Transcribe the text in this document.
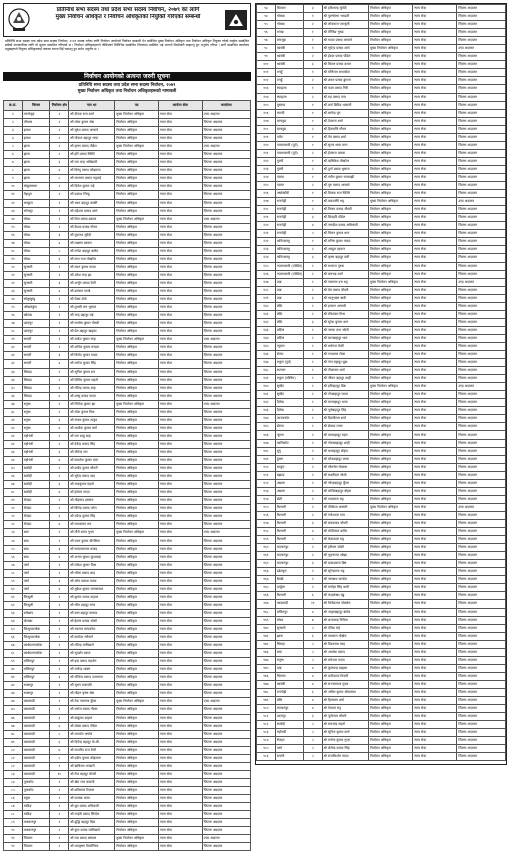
प्रतिनिधि सभा सदस्य तथा प्रदेश सभा सदस्य निर्वाचन, २०७९ का लागि
मुख्य निर्वाचन अधिकृत र निर्वाचन अधिकृतको नियुक्ति गरिएको सम्बन्धी
प्रतिनिधि सभा सदस्य तथा प्रदेश सभा सदस्य निर्वाचन, २०७९ सम्पन्न गर्नका लागि निर्वाचन आयोगले निर्वाचन सम्बन्धी ऐन बमोजिम मुख्य निर्वाचन अधिकृत तथा निर्वाचन अधिकृत नियुक्त गरेको व्यहोरा सम्बन्धित सबैको जानकारीका लागि यो सूचना प्रकाशित गरिएको छ । निर्वाचन अधिकृतहरूले तोकिएको मितिभित्र सम्बन्धित जिल्लामा उपस्थित भई आफ्नो जिम्मेवारी सम्हाल्नु हुन अनुरोध गरिन्छ । साथै सम्बन्धित कार्यालय प्रमुखहरूले नियुक्त अधिकृतलाई तत्काल रमाना दिई पठाउनु हुन समेत अनुरोध छ ।
निर्वाचन आयोगको अत्यन्त जरुरी सूचना
प्रतिनिधि सभा सदस्य तथा प्रदेश सभा सदस्य निर्वाचन, २०७९
मुख्य निर्वाचन अधिकृत तथा निर्वाचन अधिकृतहरूको नामावली
क्र.सं.	जिल्ला	निर्वाचन क्षेत्र	नाम थर	पद	कार्यरत सेवा	कार्यालय
१	ताप्लेजुङ	१	श्री दीपक राज शर्मा	मुख्य निर्वाचन अधिकृत	न्याय सेवा	उच्च अदालत
२	पाँचथर	१	श्री रमेश कुमार श्रेष्ठ	निर्वाचन अधिकृत	न्याय सेवा	जिल्ला अदालत
३	इलाम	१	श्री सुरेश प्रसाद आचार्य	निर्वाचन अधिकृत	न्याय सेवा	जिल्ला अदालत
४	इलाम	२	श्री गोपाल बहादुर थापा	निर्वाचन अधिकृत	न्याय सेवा	जिल्ला अदालत
५	झापा	१	श्री कृष्ण प्रसाद पौडेल	मुख्य निर्वाचन अधिकृत	न्याय सेवा	उच्च अदालत
६	झापा	२	श्री हरि प्रसाद घिमिरे	निर्वाचन अधिकृत	न्याय सेवा	जिल्ला अदालत
७	झापा	३	श्री राम चन्द्र अधिकारी	निर्वाचन अधिकृत	न्याय सेवा	जिल्ला अदालत
८	झापा	४	श्री विष्णु प्रसाद कोइराला	निर्वाचन अधिकृत	न्याय सेवा	जिल्ला अदालत
९	झापा	५	श्री नारायण प्रसाद भट्टराई	निर्वाचन अधिकृत	न्याय सेवा	जिल्ला अदालत
१०	संखुवासभा	१	श्री दिनेश कुमार राई	निर्वाचन अधिकृत	न्याय सेवा	जिल्ला अदालत
११	तेह्रथुम	१	श्री प्रकाश लिम्बू	निर्वाचन अधिकृत	न्याय सेवा	जिल्ला अदालत
१२	धनकुटा	१	श्री भरत बहादुर कार्की	निर्वाचन अधिकृत	न्याय सेवा	जिल्ला अदालत
१३	भोजपुर	१	श्री महेश्वर प्रसाद शर्मा	निर्वाचन अधिकृत	न्याय सेवा	जिल्ला अदालत
१४	मोरङ	१	श्री शिव प्रसाद ढकाल	मुख्य निर्वाचन अधिकृत	न्याय सेवा	उच्च अदालत
१५	मोरङ	२	श्री केशव प्रसाद गौतम	निर्वाचन अधिकृत	न्याय सेवा	जिल्ला अदालत
१६	मोरङ	३	श्री युवराज सुवेदी	निर्वाचन अधिकृत	न्याय सेवा	जिल्ला अदालत
१७	मोरङ	४	श्री लक्ष्मण खनाल	निर्वाचन अधिकृत	न्याय सेवा	जिल्ला अदालत
१८	मोरङ	५	श्री गणेश बहादुर बस्नेत	निर्वाचन अधिकृत	न्याय सेवा	जिल्ला अदालत
१९	मोरङ	६	श्री तारा नाथ पोखरेल	निर्वाचन अधिकृत	न्याय सेवा	जिल्ला अदालत
२०	सुनसरी	१	श्री मदन कुमार यादव	निर्वाचन अधिकृत	न्याय सेवा	जिल्ला अदालत
२१	सुनसरी	२	श्री उमेश चन्द्र झा	निर्वाचन अधिकृत	न्याय सेवा	जिल्ला अदालत
२२	सुनसरी	३	श्री अर्जुन प्रसाद रेग्मी	निर्वाचन अधिकृत	न्याय सेवा	जिल्ला अदालत
२३	सुनसरी	४	श्री बलराम पाण्डे	निर्वाचन अधिकृत	न्याय सेवा	जिल्ला अदालत
२४	सोलुखुम्बु	१	श्री पेम्बा शेर्पा	निर्वाचन अधिकृत	न्याय सेवा	जिल्ला अदालत
२५	ओखलढुंगा	१	श्री तुलसी राम भुसाल	निर्वाचन अधिकृत	न्याय सेवा	जिल्ला अदालत
२६	खोटाङ	१	श्री चन्द्र बहादुर राई	निर्वाचन अधिकृत	न्याय सेवा	जिल्ला अदालत
२७	उदयपुर	१	श्री सन्तोष कुमार चौधरी	निर्वाचन अधिकृत	न्याय सेवा	जिल्ला अदालत
२८	उदयपुर	२	श्री प्रेम बहादुर खड्का	निर्वाचन अधिकृत	न्याय सेवा	जिल्ला अदालत
२९	सप्तरी	१	श्री राजेश कुमार साह	मुख्य निर्वाचन अधिकृत	न्याय सेवा	उच्च अदालत
३०	सप्तरी	२	श्री अनिल कुमार मण्डल	निर्वाचन अधिकृत	न्याय सेवा	जिल्ला अदालत
३१	सप्तरी	३	श्री विनोद कुमार यादव	निर्वाचन अधिकृत	न्याय सेवा	जिल्ला अदालत
३२	सप्तरी	४	श्री मनोज कुमार सिंह	निर्वाचन अधिकृत	न्याय सेवा	जिल्ला अदालत
३३	सिराहा	१	श्री सुनिल कुमार राय	निर्वाचन अधिकृत	न्याय सेवा	जिल्ला अदालत
३४	सिराहा	२	श्री दिलिप कुमार महतो	निर्वाचन अधिकृत	न्याय सेवा	जिल्ला अदालत
३५	सिराहा	३	श्री रविन्द्र प्रसाद शाह	निर्वाचन अधिकृत	न्याय सेवा	जिल्ला अदालत
३६	सिराहा	४	श्री शम्भु प्रसाद यादव	निर्वाचन अधिकृत	न्याय सेवा	जिल्ला अदालत
३७	धनुषा	१	श्री जितेन्द्र कुमार झा	मुख्य निर्वाचन अधिकृत	न्याय सेवा	उच्च अदालत
३८	धनुषा	२	श्री नरेश कुमार मिश्र	निर्वाचन अधिकृत	न्याय सेवा	जिल्ला अदालत
३९	धनुषा	३	श्री संजय कुमार ठाकुर	निर्वाचन अधिकृत	न्याय सेवा	जिल्ला अदालत
४०	धनुषा	४	श्री अशोक कुमार कर्ण	निर्वाचन अधिकृत	न्याय सेवा	जिल्ला अदालत
४१	महोत्तरी	१	श्री राम बाबु साह	निर्वाचन अधिकृत	न्याय सेवा	जिल्ला अदालत
४२	महोत्तरी	२	श्री देवेन्द्र प्रसाद सिंह	निर्वाचन अधिकृत	न्याय सेवा	जिल्ला अदालत
४३	महोत्तरी	३	श्री योगेन्द्र राय	निर्वाचन अधिकृत	न्याय सेवा	जिल्ला अदालत
४४	महोत्तरी	४	श्री कमलेश कुमार दास	निर्वाचन अधिकृत	न्याय सेवा	जिल्ला अदालत
४५	सर्लाही	१	श्री प्रमोद कुमार चौधरी	निर्वाचन अधिकृत	न्याय सेवा	जिल्ला अदालत
४६	सर्लाही	२	श्री सुरेन्द्र प्रसाद शाह	निर्वाचन अधिकृत	न्याय सेवा	जिल्ला अदालत
४७	सर्लाही	३	श्री राजकुमार महतो	निर्वाचन अधिकृत	न्याय सेवा	जिल्ला अदालत
४८	सर्लाही	४	श्री हरेराम यादव	निर्वाचन अधिकृत	न्याय सेवा	जिल्ला अदालत
४९	रौतहट	१	श्री मोहम्मद इस्लाम	निर्वाचन अधिकृत	न्याय सेवा	जिल्ला अदालत
५०	रौतहट	२	श्री बिरेन्द्र प्रसाद पटेल	निर्वाचन अधिकृत	न्याय सेवा	जिल्ला अदालत
५१	रौतहट	३	श्री उपेन्द्र कुमार सिंह	निर्वाचन अधिकृत	न्याय सेवा	जिल्ला अदालत
५२	रौतहट	४	श्री रामाशंकर राय	निर्वाचन अधिकृत	न्याय सेवा	जिल्ला अदालत
५३	बारा	१	श्री गौरी शंकर गुप्ता	मुख्य निर्वाचन अधिकृत	न्याय सेवा	उच्च अदालत
५४	बारा	२	श्री पवन कुमार चौरसिया	निर्वाचन अधिकृत	न्याय सेवा	जिल्ला अदालत
५५	बारा	३	श्री सत्यनारायण प्रसाद	निर्वाचन अधिकृत	न्याय सेवा	जिल्ला अदालत
५६	बारा	४	श्री अजय कुमार कुशवाहा	निर्वाचन अधिकृत	न्याय सेवा	जिल्ला अदालत
५७	पर्सा	१	श्री राकेश कुमार मिश्र	निर्वाचन अधिकृत	न्याय सेवा	जिल्ला अदालत
५८	पर्सा	२	श्री भोला प्रसाद शाह	निर्वाचन अधिकृत	न्याय सेवा	जिल्ला अदालत
५९	पर्सा	३	श्री ओम प्रकाश यादव	निर्वाचन अधिकृत	न्याय सेवा	जिल्ला अदालत
६०	पर्सा	४	श्री मुकेश कुमार जायसवाल	निर्वाचन अधिकृत	न्याय सेवा	जिल्ला अदालत
६१	सिन्धुली	१	श्री कुमार प्रसाद दाहाल	निर्वाचन अधिकृत	न्याय सेवा	जिल्ला अदालत
६२	सिन्धुली	२	श्री भीम बहादुर मगर	निर्वाचन अधिकृत	न्याय सेवा	जिल्ला अदालत
६३	रामेछाप	१	श्री ज्ञान बहादुर तामाङ	निर्वाचन अधिकृत	न्याय सेवा	जिल्ला अदालत
६४	दोलखा	१	श्री हेमन्त प्रसाद जोशी	निर्वाचन अधिकृत	न्याय सेवा	जिल्ला अदालत
६५	सिन्धुपाल्चोक	१	श्री नवराज सापकोटा	निर्वाचन अधिकृत	न्याय सेवा	जिल्ला अदालत
६६	सिन्धुपाल्चोक	२	श्री दामोदर न्यौपाने	निर्वाचन अधिकृत	न्याय सेवा	जिल्ला अदालत
६७	काभ्रेपलाञ्चोक	१	श्री रविन्द्र लामिछाने	निर्वाचन अधिकृत	न्याय सेवा	जिल्ला अदालत
६८	काभ्रेपलाञ्चोक	२	श्री सुदर्शन बराल	निर्वाचन अधिकृत	न्याय सेवा	जिल्ला अदालत
६९	ललितपुर	१	श्री इन्द्र प्रसाद महर्जन	निर्वाचन अधिकृत	न्याय सेवा	जिल्ला अदालत
७०	ललितपुर	२	श्री राजेन्द्र शाक्य	निर्वाचन अधिकृत	न्याय सेवा	जिल्ला अदालत
७१	ललितपुर	३	श्री गोविन्द प्रसाद उपाध्याय	निर्वाचन अधिकृत	न्याय सेवा	जिल्ला अदालत
७२	भक्तपुर	१	श्री सुमन प्रजापति	निर्वाचन अधिकृत	न्याय सेवा	जिल्ला अदालत
७३	भक्तपुर	२	श्री मोहन कृष्ण श्रेष्ठ	निर्वाचन अधिकृत	न्याय सेवा	जिल्ला अदालत
७४	काठमाडौं	१	श्री टेक नारायण कुँवर	मुख्य निर्वाचन अधिकृत	न्याय सेवा	उच्च अदालत
७५	काठमाडौं	२	श्री सरोज प्रसाद गौतम	निर्वाचन अधिकृत	न्याय सेवा	जिल्ला अदालत
७६	काठमाडौं	३	श्री बाबुराम दाहाल	निर्वाचन अधिकृत	न्याय सेवा	जिल्ला अदालत
७७	काठमाडौं	४	श्री शेखर प्रसाद पौडेल	निर्वाचन अधिकृत	न्याय सेवा	जिल्ला अदालत
७८	काठमाडौं	५	श्री जनार्दन अर्याल	निर्वाचन अधिकृत	न्याय सेवा	जिल्ला अदालत
७९	काठमाडौं	६	श्री दिपेन्द्र बहादुर के.सी.	निर्वाचन अधिकृत	न्याय सेवा	जिल्ला अदालत
८०	काठमाडौं	७	श्री सञ्जीव राज रेग्मी	निर्वाचन अधिकृत	न्याय सेवा	जिल्ला अदालत
८१	काठमाडौं	८	श्री प्रदीप कुमार कोइराला	निर्वाचन अधिकृत	न्याय सेवा	जिल्ला अदालत
८२	काठमाडौं	९	श्री ऋषिराम भण्डारी	निर्वाचन अधिकृत	न्याय सेवा	जिल्ला अदालत
८३	काठमाडौं	१०	श्री तेज बहादुर बोगटी	निर्वाचन अधिकृत	न्याय सेवा	जिल्ला अदालत
८४	नुवाकोट	१	श्री खेम राज ज्ञवाली	निर्वाचन अधिकृत	न्याय सेवा	जिल्ला अदालत
८५	नुवाकोट	२	श्री छविलाल रिजाल	निर्वाचन अधिकृत	न्याय सेवा	जिल्ला अदालत
८६	रसुवा	१	श्री पासाङ लामा	निर्वाचन अधिकृत	न्याय सेवा	जिल्ला अदालत
८७	धादिङ	१	श्री ध्रुव प्रसाद अधिकारी	निर्वाचन अधिकृत	न्याय सेवा	जिल्ला अदालत
८८	धादिङ	२	श्री नरहरि प्रसाद सिग्देल	निर्वाचन अधिकृत	न्याय सेवा	जिल्ला अदालत
८९	मकवानपुर	१	श्री बुद्धि बहादुर थिङ	निर्वाचन अधिकृत	न्याय सेवा	जिल्ला अदालत
९०	मकवानपुर	२	श्री कुल प्रसाद लामिछाने	निर्वाचन अधिकृत	न्याय सेवा	जिल्ला अदालत
९१	चितवन	१	श्री यज्ञ प्रसाद बस्याल	मुख्य निर्वाचन अधिकृत	न्याय सेवा	उच्च अदालत
९२	चितवन	२	श्री रामकृष्ण तिमल्सिना	निर्वाचन अधिकृत	न्याय सेवा	जिल्ला अदालत
९३	चितवन	३	श्री हरिश्चन्द्र सुवेदी	निर्वाचन अधिकृत	न्याय सेवा	जिल्ला अदालत
९४	गोरखा	१	श्री पुरुषोत्तम भण्डारी	निर्वाचन अधिकृत	न्याय सेवा	जिल्ला अदालत
९५	गोरखा	२	श्री लोकराज पराजुली	निर्वाचन अधिकृत	न्याय सेवा	जिल्ला अदालत
९६	मनाङ	१	श्री तेन्जिङ गुरुङ	निर्वाचन अधिकृत	न्याय सेवा	जिल्ला अदालत
९७	लमजुङ	१	श्री यादव प्रसाद आचार्य	निर्वाचन अधिकृत	न्याय सेवा	जिल्ला अदालत
९८	कास्की	१	श्री भुपेन्द्र प्रसाद शर्मा	मुख्य निर्वाचन अधिकृत	न्याय सेवा	उच्च अदालत
९९	कास्की	२	श्री ईश्वर प्रसाद पौडेल	निर्वाचन अधिकृत	न्याय सेवा	जिल्ला अदालत
१००	कास्की	३	श्री किरण प्रसाद बराल	निर्वाचन अधिकृत	न्याय सेवा	जिल्ला अदालत
१०१	तनहुँ	१	श्री मणिराम सापकोटा	निर्वाचन अधिकृत	न्याय सेवा	जिल्ला अदालत
१०२	तनहुँ	२	श्री शंकर प्रसाद ढुंगाना	निर्वाचन अधिकृत	न्याय सेवा	जिल्ला अदालत
१०३	स्याङ्जा	१	श्री पदम प्रसाद गिरी	निर्वाचन अधिकृत	न्याय सेवा	जिल्ला अदालत
१०४	स्याङ्जा	२	श्री रुद्र प्रसाद पन्त	निर्वाचन अधिकृत	न्याय सेवा	जिल्ला अदालत
१०५	मुस्ताङ	१	श्री कर्म छिरिङ थकाली	निर्वाचन अधिकृत	न्याय सेवा	जिल्ला अदालत
१०६	म्याग्दी	१	श्री खगेन्द्र पुन	निर्वाचन अधिकृत	न्याय सेवा	जिल्ला अदालत
१०७	बागलुङ	१	श्री देवराज शर्मा	निर्वाचन अधिकृत	न्याय सेवा	जिल्ला अदालत
१०८	बागलुङ	२	श्री हिरामणि गौतम	निर्वाचन अधिकृत	न्याय सेवा	जिल्ला अदालत
१०९	पर्वत	१	श्री नेत्र प्रसाद शर्मा	निर्वाचन अधिकृत	न्याय सेवा	जिल्ला अदालत
११०	नवलपरासी (पूर्व)	१	श्री सुरज थापा मगर	निर्वाचन अधिकृत	न्याय सेवा	जिल्ला अदालत
१११	नवलपरासी (पूर्व)	२	श्री हेमराज पाठक	निर्वाचन अधिकृत	न्याय सेवा	जिल्ला अदालत
११२	गुल्मी	१	श्री ऋषिकेश पोखरेल	निर्वाचन अधिकृत	न्याय सेवा	जिल्ला अदालत
११३	गुल्मी	२	श्री दुर्गा प्रसाद भुसाल	निर्वाचन अधिकृत	न्याय सेवा	जिल्ला अदालत
११४	पाल्पा	१	श्री नवीन कुमार रायमाझी	निर्वाचन अधिकृत	न्याय सेवा	जिल्ला अदालत
११५	पाल्पा	२	श्री गुरु प्रसाद आचार्य	निर्वाचन अधिकृत	न्याय सेवा	जिल्ला अदालत
११६	अर्घाखाँची	१	श्री तिलक राज घिमिरे	निर्वाचन अधिकृत	न्याय सेवा	जिल्ला अदालत
११७	रुपन्देही	१	श्री चक्रपाणि भट्ट	मुख्य निर्वाचन अधिकृत	न्याय सेवा	उच्च अदालत
११८	रुपन्देही	२	श्री विजय प्रसाद चौधरी	निर्वाचन अधिकृत	न्याय सेवा	जिल्ला अदालत
११९	रुपन्देही	३	श्री शिवहरि पौडेल	निर्वाचन अधिकृत	न्याय सेवा	जिल्ला अदालत
१२०	रुपन्देही	४	श्री जगदीश प्रसाद अधिकारी	निर्वाचन अधिकृत	न्याय सेवा	जिल्ला अदालत
१२१	रुपन्देही	५	श्री मिलन कुमार थारु	निर्वाचन अधिकृत	न्याय सेवा	जिल्ला अदालत
१२२	कपिलवस्तु	१	श्री मनिष कुमार यादव	निर्वाचन अधिकृत	न्याय सेवा	जिल्ला अदालत
१२३	कपिलवस्तु	२	श्री अब्दुल रहमान	निर्वाचन अधिकृत	न्याय सेवा	जिल्ला अदालत
१२४	कपिलवस्तु	३	श्री कृष्ण बहादुर वली	निर्वाचन अधिकृत	न्याय सेवा	जिल्ला अदालत
१२५	नवलपरासी (पश्चिम)	१	श्री धनराज गुरुङ	निर्वाचन अधिकृत	न्याय सेवा	जिल्ला अदालत
१२६	नवलपरासी (पश्चिम)	२	श्री बलभद्र शर्मा	निर्वाचन अधिकृत	न्याय सेवा	जिल्ला अदालत
१२७	दाङ	१	श्री नारायण दत्त भट्ट	मुख्य निर्वाचन अधिकृत	न्याय सेवा	उच्च अदालत
१२८	दाङ	२	श्री प्रेम प्रसाद चौधरी	निर्वाचन अधिकृत	न्याय सेवा	जिल्ला अदालत
१२९	दाङ	३	श्री भानुभक्त खत्री	निर्वाचन अधिकृत	न्याय सेवा	जिल्ला अदालत
१३०	बाँके	१	श्री इमरान अन्सारी	निर्वाचन अधिकृत	न्याय सेवा	जिल्ला अदालत
१३१	बाँके	२	श्री रविशंकर मिश्र	निर्वाचन अधिकृत	न्याय सेवा	जिल्ला अदालत
१३२	बाँके	३	श्री सुरेश कुमार थारु	निर्वाचन अधिकृत	न्याय सेवा	जिल्ला अदालत
१३३	बर्दिया	१	श्री जनक राज ओली	निर्वाचन अधिकृत	न्याय सेवा	जिल्ला अदालत
१३४	बर्दिया	२	श्री लालबहादुर थारु	निर्वाचन अधिकृत	न्याय सेवा	जिल्ला अदालत
१३५	प्यूठान	१	श्री धर्मराज केसी	निर्वाचन अधिकृत	न्याय सेवा	जिल्ला अदालत
१३६	रोल्पा	१	श्री नन्दलाल रोका	निर्वाचन अधिकृत	न्याय सेवा	जिल्ला अदालत
१३७	रुकुम (पूर्व)	१	श्री गंगा बहादुर बुढा	निर्वाचन अधिकृत	न्याय सेवा	जिल्ला अदालत
१३८	सल्यान	१	श्री टीकाराम शर्मा	निर्वाचन अधिकृत	न्याय सेवा	जिल्ला अदालत
१३९	रुकुम (पश्चिम)	१	श्री जीवन बहादुर शाही	निर्वाचन अधिकृत	न्याय सेवा	जिल्ला अदालत
१४०	सुर्खेत	१	श्री हरिबहादुर बिष्ट	मुख्य निर्वाचन अधिकृत	न्याय सेवा	उच्च अदालत
१४१	सुर्खेत	२	श्री टोपबहादुर रावल	निर्वाचन अधिकृत	न्याय सेवा	जिल्ला अदालत
१४२	दैलेख	१	श्री मानबहादुर थापा	निर्वाचन अधिकृत	न्याय सेवा	जिल्ला अदालत
१४३	दैलेख	२	श्री पूर्णबहादुर सिंह	निर्वाचन अधिकृत	न्याय सेवा	जिल्ला अदालत
१४४	जाजरकोट	१	श्री डिल्लीराम शर्मा	निर्वाचन अधिकृत	न्याय सेवा	जिल्ला अदालत
१४५	डोल्पा	१	श्री छेवाङ लामा	निर्वाचन अधिकृत	न्याय सेवा	जिल्ला अदालत
१४६	जुम्ला	१	श्री कलबहादुर महत	निर्वाचन अधिकृत	न्याय सेवा	जिल्ला अदालत
१४७	कालिकोट	१	श्री गोरखबहादुर शाही	निर्वाचन अधिकृत	न्याय सेवा	जिल्ला अदालत
१४८	मुगु	१	श्री धनबहादुर बोहरा	निर्वाचन अधिकृत	न्याय सेवा	जिल्ला अदालत
१४९	हुम्ला	१	श्री लोकबहादुर लामा	निर्वाचन अधिकृत	न्याय सेवा	जिल्ला अदालत
१५०	बाजुरा	१	श्री भीमसेन रोकाया	निर्वाचन अधिकृत	न्याय सेवा	जिल्ला अदालत
१५१	बझाङ	१	श्री लक्ष्मीदत्त जोशी	निर्वाचन अधिकृत	न्याय सेवा	जिल्ला अदालत
१५२	अछाम	१	श्री नरेन्द्रबहादुर कुँवर	निर्वाचन अधिकृत	न्याय सेवा	जिल्ला अदालत
१५३	अछाम	२	श्री ललितबहादुर बोहरा	निर्वाचन अधिकृत	न्याय सेवा	जिल्ला अदालत
१५४	डोटी	१	श्री पदमराज भट्ट	निर्वाचन अधिकृत	न्याय सेवा	जिल्ला अदालत
१५५	कैलाली	१	श्री दीर्घराज अवस्थी	मुख्य निर्वाचन अधिकृत	न्याय सेवा	उच्च अदालत
१५६	कैलाली	२	श्री गणेशदत्त पन्त	निर्वाचन अधिकृत	न्याय सेवा	जिल्ला अदालत
१५७	कैलाली	३	श्री रामप्रसाद चौधरी	निर्वाचन अधिकृत	न्याय सेवा	जिल्ला अदालत
१५८	कैलाली	४	श्री मोतीलाल डगौरा	निर्वाचन अधिकृत	न्याय सेवा	जिल्ला अदालत
१५९	कैलाली	५	श्री केशवदत्त भट्ट	निर्वाचन अधिकृत	न्याय सेवा	जिल्ला अदालत
१६०	कञ्चनपुर	१	श्री हरिदत्त जोशी	निर्वाचन अधिकृत	न्याय सेवा	जिल्ला अदालत
१६१	कञ्चनपुर	२	श्री भुवनराज ओझा	निर्वाचन अधिकृत	न्याय सेवा	जिल्ला अदालत
१६२	कञ्चनपुर	३	श्री प्रकाशराज बिष्ट	निर्वाचन अधिकृत	न्याय सेवा	जिल्ला अदालत
१६३	डडेल्धुरा	१	श्री सुरेन्द्रराज भट्ट	निर्वाचन अधिकृत	न्याय सेवा	जिल्ला अदालत
१६४	बैतडी	१	श्री जगन्नाथ पाण्डेय	निर्वाचन अधिकृत	न्याय सेवा	जिल्ला अदालत
१६५	दार्चुला	१	श्री मनोहर सिंह धामी	निर्वाचन अधिकृत	न्याय सेवा	जिल्ला अदालत
१६६	कैलाली	६	श्री चन्द्रशेखर बडु	निर्वाचन अधिकृत	न्याय सेवा	जिल्ला अदालत
१६७	काठमाडौं	११	श्री विनोदराज पोखरेल	निर्वाचन अधिकृत	न्याय सेवा	जिल्ला अदालत
१६८	ललितपुर	४	श्री अमृतबहादुर डंगोल	निर्वाचन अधिकृत	न्याय सेवा	जिल्ला अदालत
१६९	मोरङ	७	श्री शरदचन्द्र निरौला	निर्वाचन अधिकृत	न्याय सेवा	जिल्ला अदालत
१७०	सुनसरी	५	श्री दीपेश राई	निर्वाचन अधिकृत	न्याय सेवा	जिल्ला अदालत
१७१	झापा	६	श्री यमलाल पोख्रेल	निर्वाचन अधिकृत	न्याय सेवा	जिल्ला अदालत
१७२	सिराहा	५	श्री विश्वनाथ साह	निर्वाचन अधिकृत	न्याय सेवा	जिल्ला अदालत
१७३	बारा	५	श्री अवधेश प्रसाद	निर्वाचन अधिकृत	न्याय सेवा	जिल्ला अदालत
१७४	धनुषा	५	श्री रामेश्वर यादव	निर्वाचन अधिकृत	न्याय सेवा	जिल्ला अदालत
१७५	दाङ	४	श्री कुलचन्द्र खड्का	निर्वाचन अधिकृत	न्याय सेवा	जिल्ला अदालत
१७६	चितवन	४	श्री प्रदीपराज तिवारी	निर्वाचन अधिकृत	न्याय सेवा	जिल्ला अदालत
१७७	कास्की	४	श्री सञ्जयराज गुरुङ	निर्वाचन अधिकृत	न्याय सेवा	जिल्ला अदालत
१७८	रुपन्देही	६	श्री अमित कुमार श्रीवास्तव	निर्वाचन अधिकृत	न्याय सेवा	जिल्ला अदालत
१७९	बाँके	४	श्री हिमालय शर्मा	निर्वाचन अधिकृत	न्याय सेवा	जिल्ला अदालत
१८०	कञ्चनपुर	४	श्री देवदत्त भट्ट	निर्वाचन अधिकृत	न्याय सेवा	जिल्ला अदालत
१८१	उदयपुर	३	श्री पूर्णलाल चौधरी	निर्वाचन अधिकृत	न्याय सेवा	जिल्ला अदालत
१८२	सर्लाही	५	श्री रामचन्द्र महतो	निर्वाचन अधिकृत	न्याय सेवा	जिल्ला अदालत
१८३	महोत्तरी	५	श्री सुनिल कुमार कर्ण	निर्वाचन अधिकृत	न्याय सेवा	जिल्ला अदालत
१८४	रौतहट	५	श्री मनोज कुमार गुप्ता	निर्वाचन अधिकृत	न्याय सेवा	जिल्ला अदालत
१८५	पर्सा	५	श्री शैलेन्द्र प्रसाद सिंह	निर्वाचन अधिकृत	न्याय सेवा	जिल्ला अदालत
१८६	सप्तरी	५	श्री राजकिशोर यादव	निर्वाचन अधिकृत	न्याय सेवा	जिल्ला अदालत
